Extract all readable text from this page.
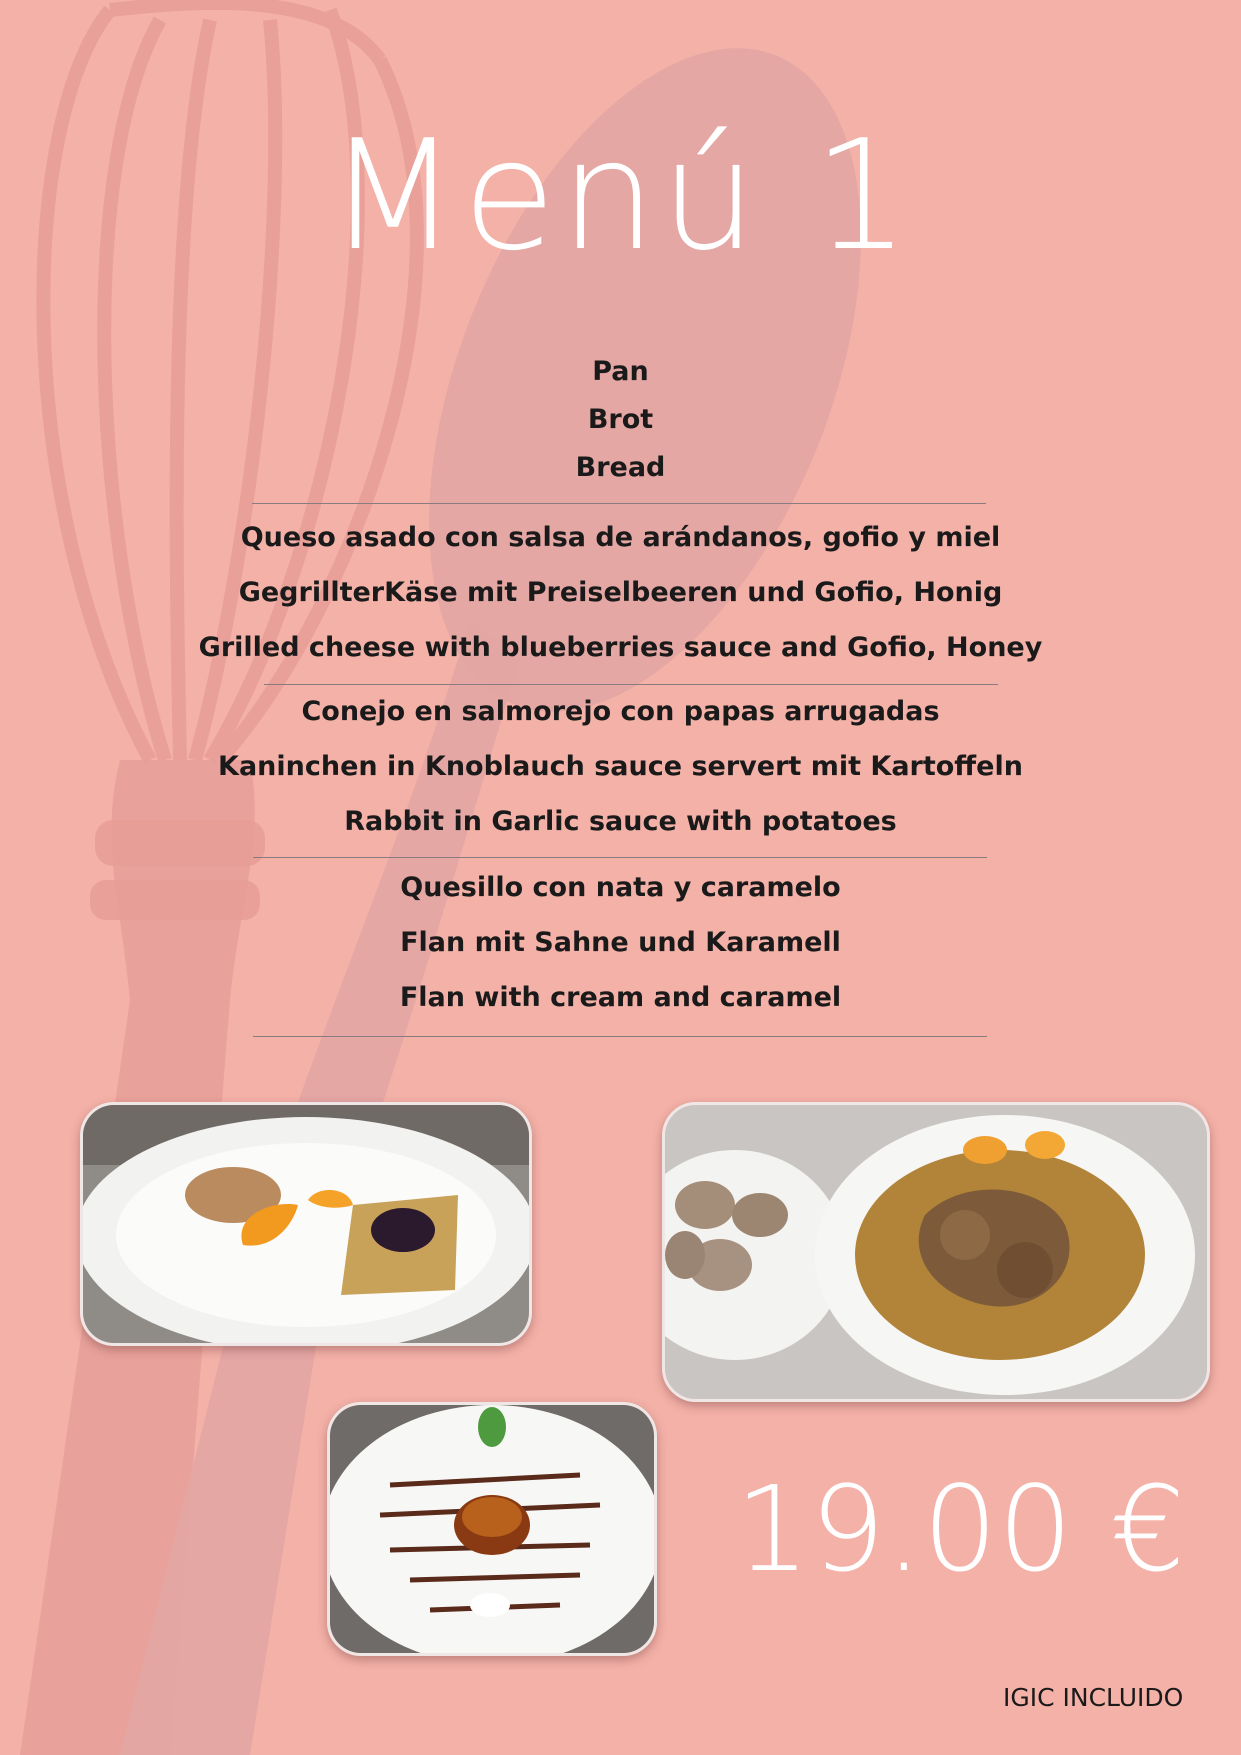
Menú 1
Pan
Brot
Bread
Queso asado con salsa de arándanos, gofio y miel
GegrillterKäse mit Preiselbeeren und Gofio, Honig
Grilled cheese with blueberries sauce and Gofio, Honey
Conejo en salmorejo con papas arrugadas
Kaninchen in Knoblauch sauce servert mit Kartoffeln
Rabbit in Garlic sauce with potatoes
Quesillo con nata y caramelo
Flan mit Sahne und Karamell
Flan with cream and caramel
19.00 €
IGIC INCLUIDO
